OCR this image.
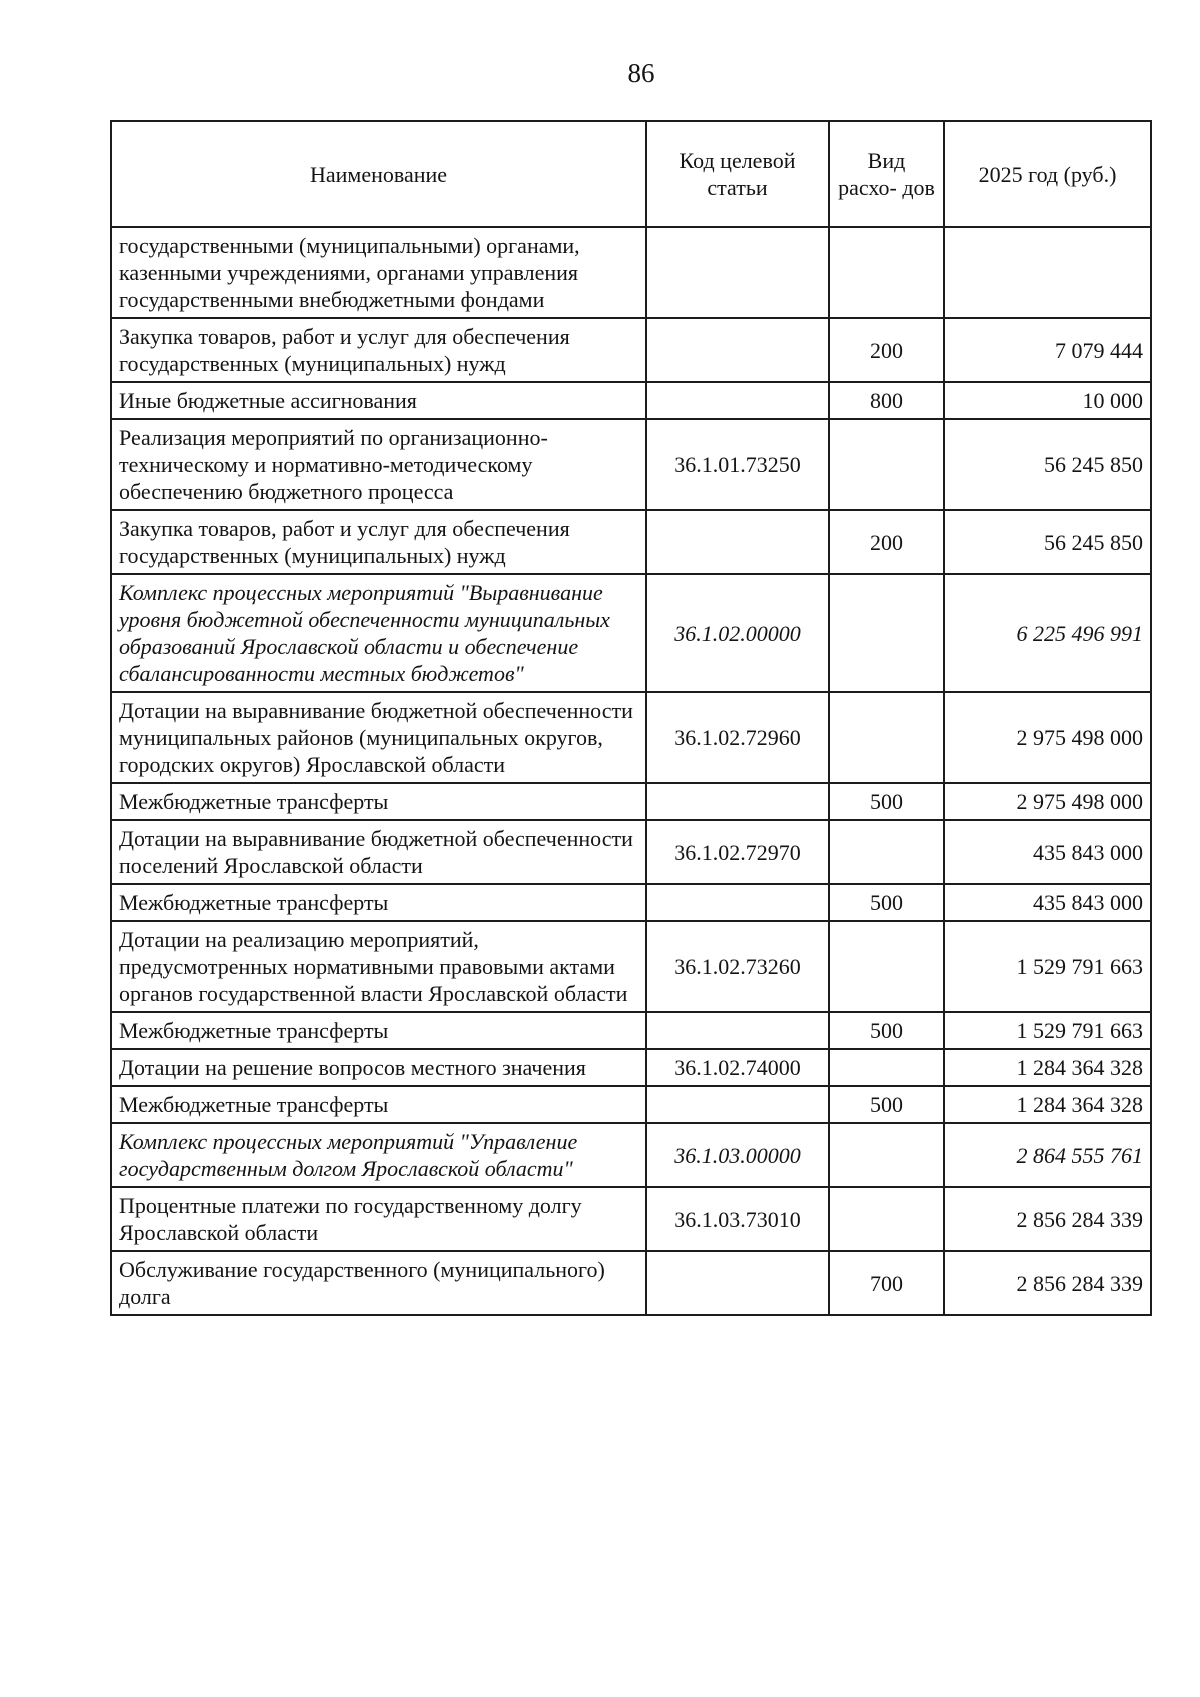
86
Наименование	Код целевой статьи	Вид расхо- дов	2025 год (руб.)
государственными (муниципальными) органами, казенными учреждениями, органами управления государственными внебюджетными фондами			
Закупка товаров, работ и услуг для обеспечения государственных (муниципальных) нужд		200	7 079 444
Иные бюджетные ассигнования		800	10 000
Реализация мероприятий по организационно-техническому и нормативно-методическому обеспечению бюджетного процесса	36.1.01.73250		56 245 850
Закупка товаров, работ и услуг для обеспечения государственных (муниципальных) нужд		200	56 245 850
Комплекс процессных мероприятий "Выравнивание уровня бюджетной обеспеченности муниципальных образований Ярославской области и обеспечение сбалансированности местных бюджетов"	36.1.02.00000		6 225 496 991
Дотации на выравнивание бюджетной обеспеченности муниципальных районов (муниципальных округов, городских округов) Ярославской области	36.1.02.72960		2 975 498 000
Межбюджетные трансферты		500	2 975 498 000
Дотации на выравнивание бюджетной обеспеченности поселений Ярославской области	36.1.02.72970		435 843 000
Межбюджетные трансферты		500	435 843 000
Дотации на реализацию мероприятий, предусмотренных нормативными правовыми актами органов государственной власти Ярославской области	36.1.02.73260		1 529 791 663
Межбюджетные трансферты		500	1 529 791 663
Дотации на решение вопросов местного значения	36.1.02.74000		1 284 364 328
Межбюджетные трансферты		500	1 284 364 328
Комплекс процессных мероприятий "Управление государственным долгом Ярославской области"	36.1.03.00000		2 864 555 761
Процентные платежи по государственному долгу Ярославской области	36.1.03.73010		2 856 284 339
Обслуживание государственного (муниципального) долга		700	2 856 284 339
